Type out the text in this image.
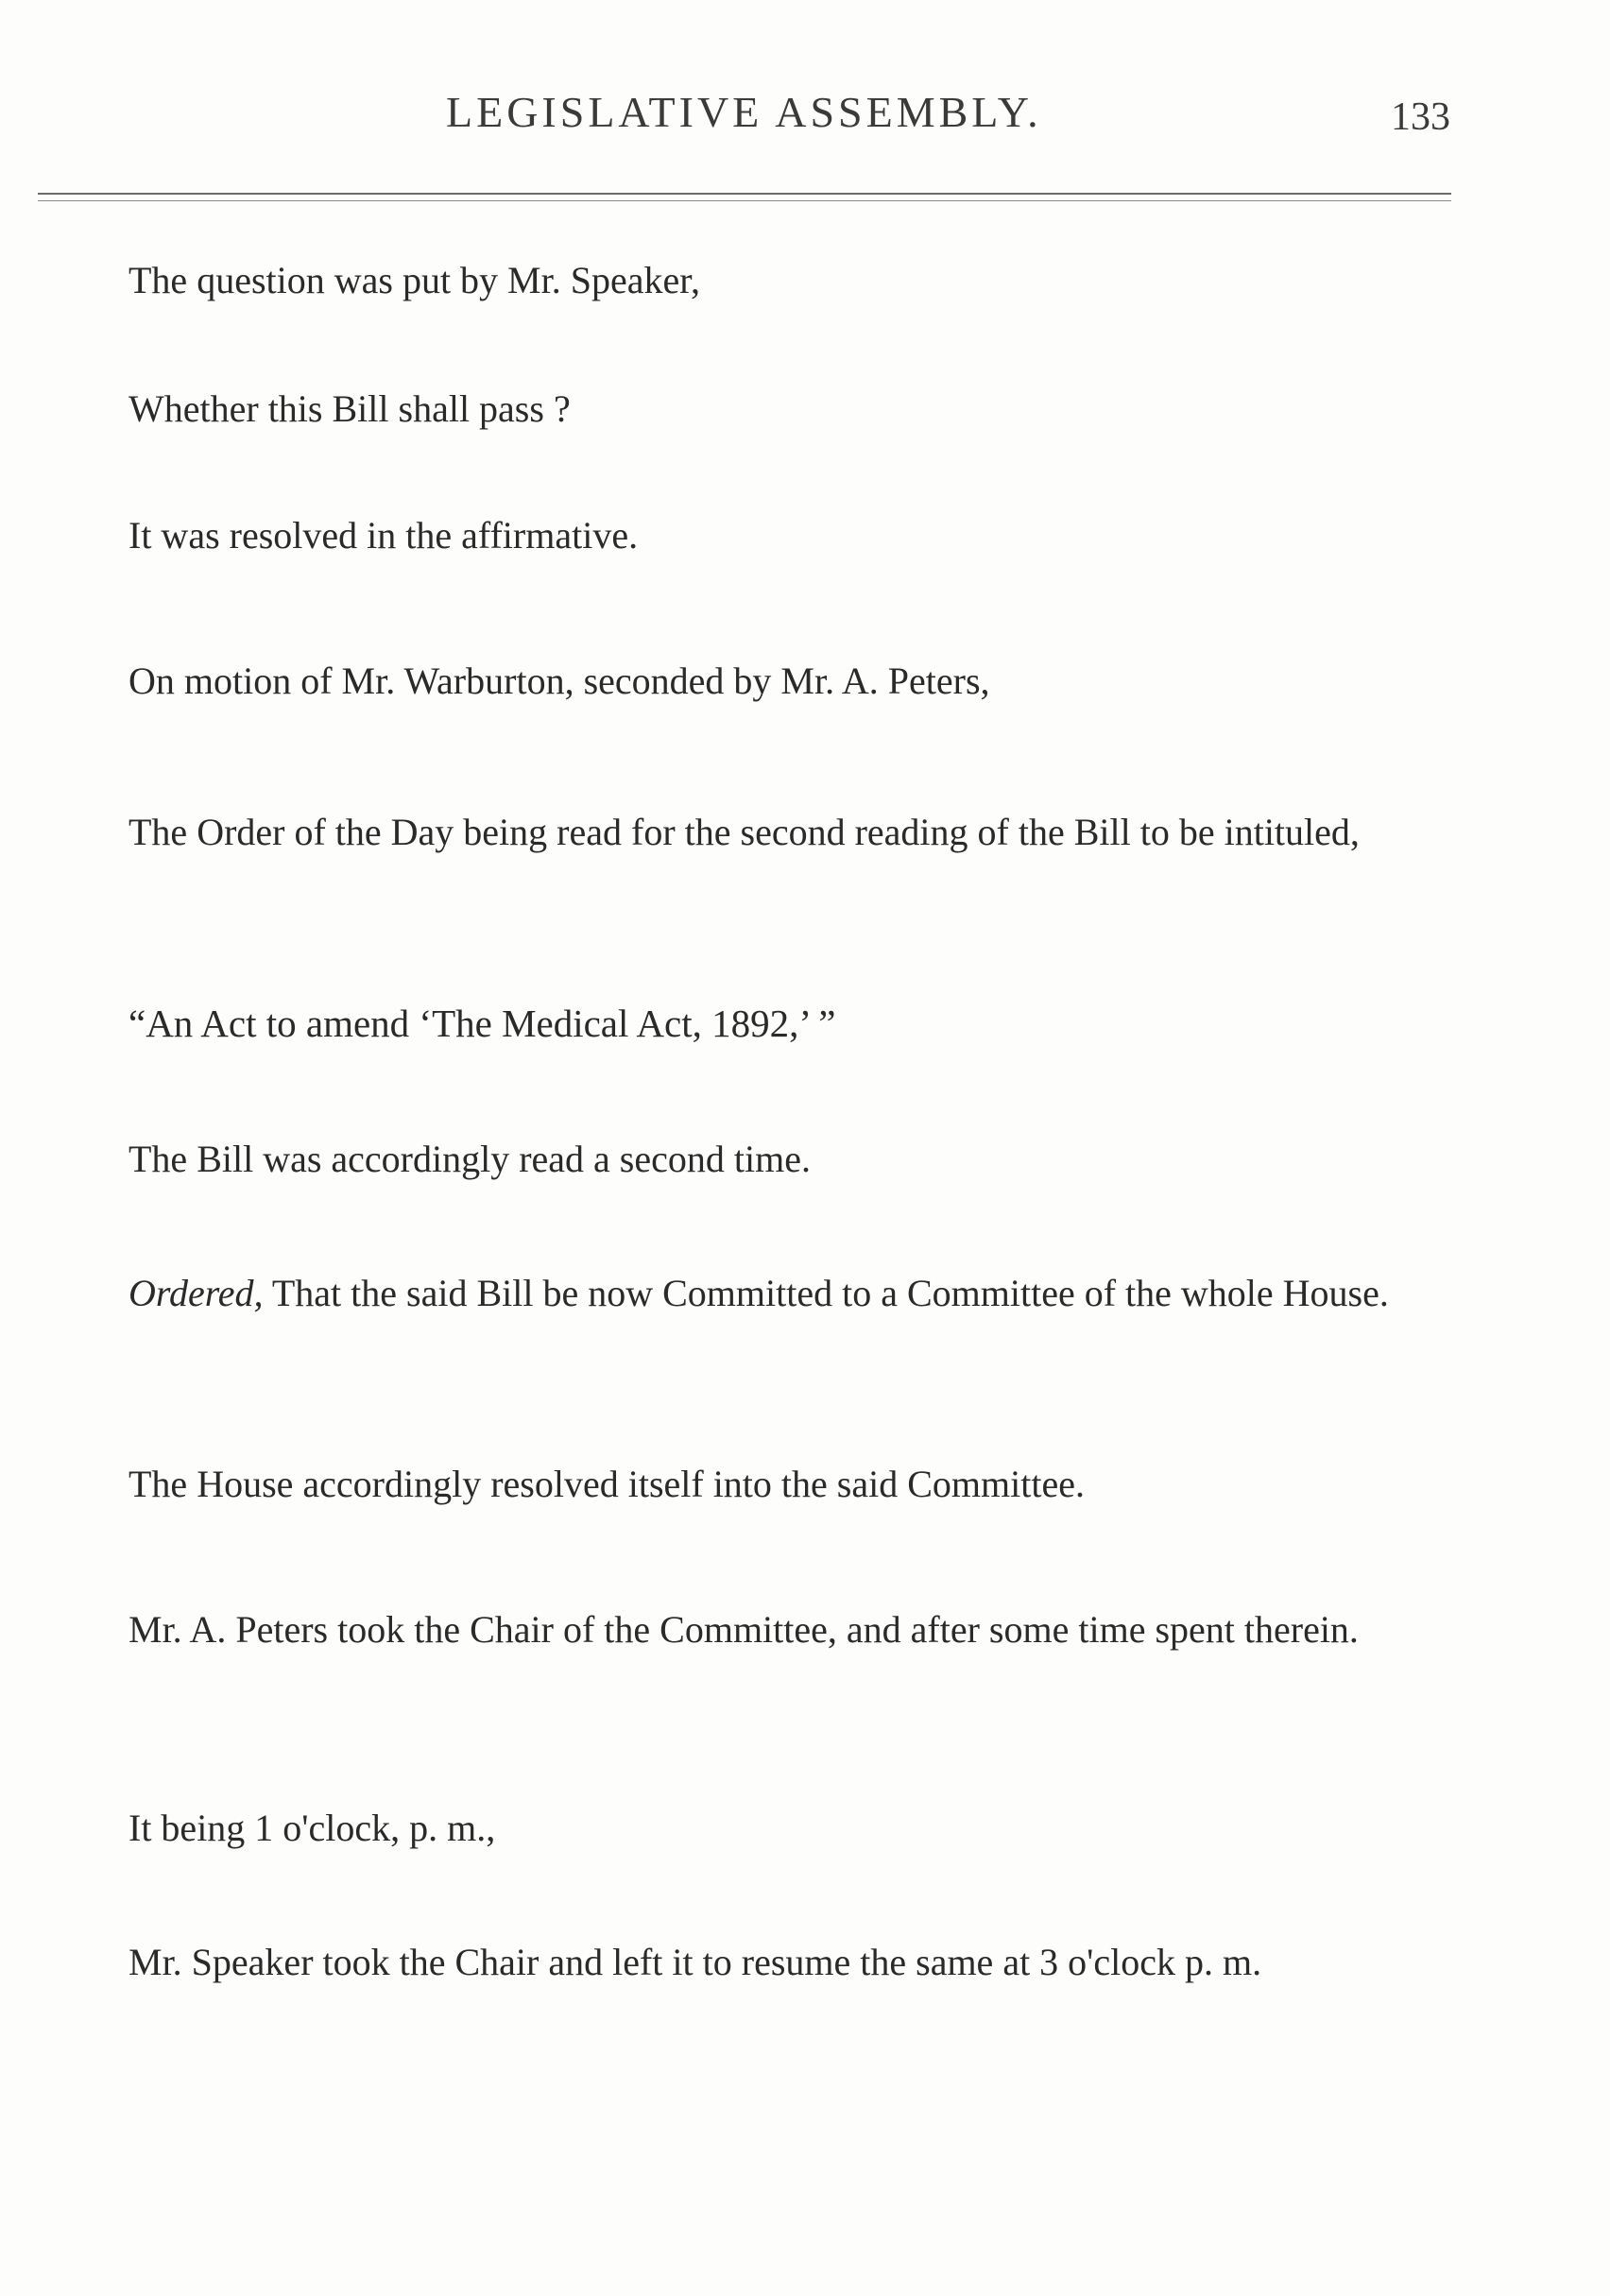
LEGISLATIVE ASSEMBLY.	133

The question was put by Mr. Speaker,

Whether this Bill shall pass ?

It was resolved in the affirmative.

On motion of Mr. Warburton, seconded by Mr. A. Peters,

The Order of the Day being read for the second reading of the Bill to be intituled,

“An Act to amend ‘The Medical Act, 1892,’ ”

The Bill was accordingly read a second time.

Ordered, That the said Bill be now Committed to a Committee of the whole House.

The House accordingly resolved itself into the said Committee.

Mr. A. Peters took the Chair of the Committee, and after some time spent therein.

It being 1 o'clock, p. m.,

Mr. Speaker took the Chair and left it to resume the same at 3 o'clock p. m.
